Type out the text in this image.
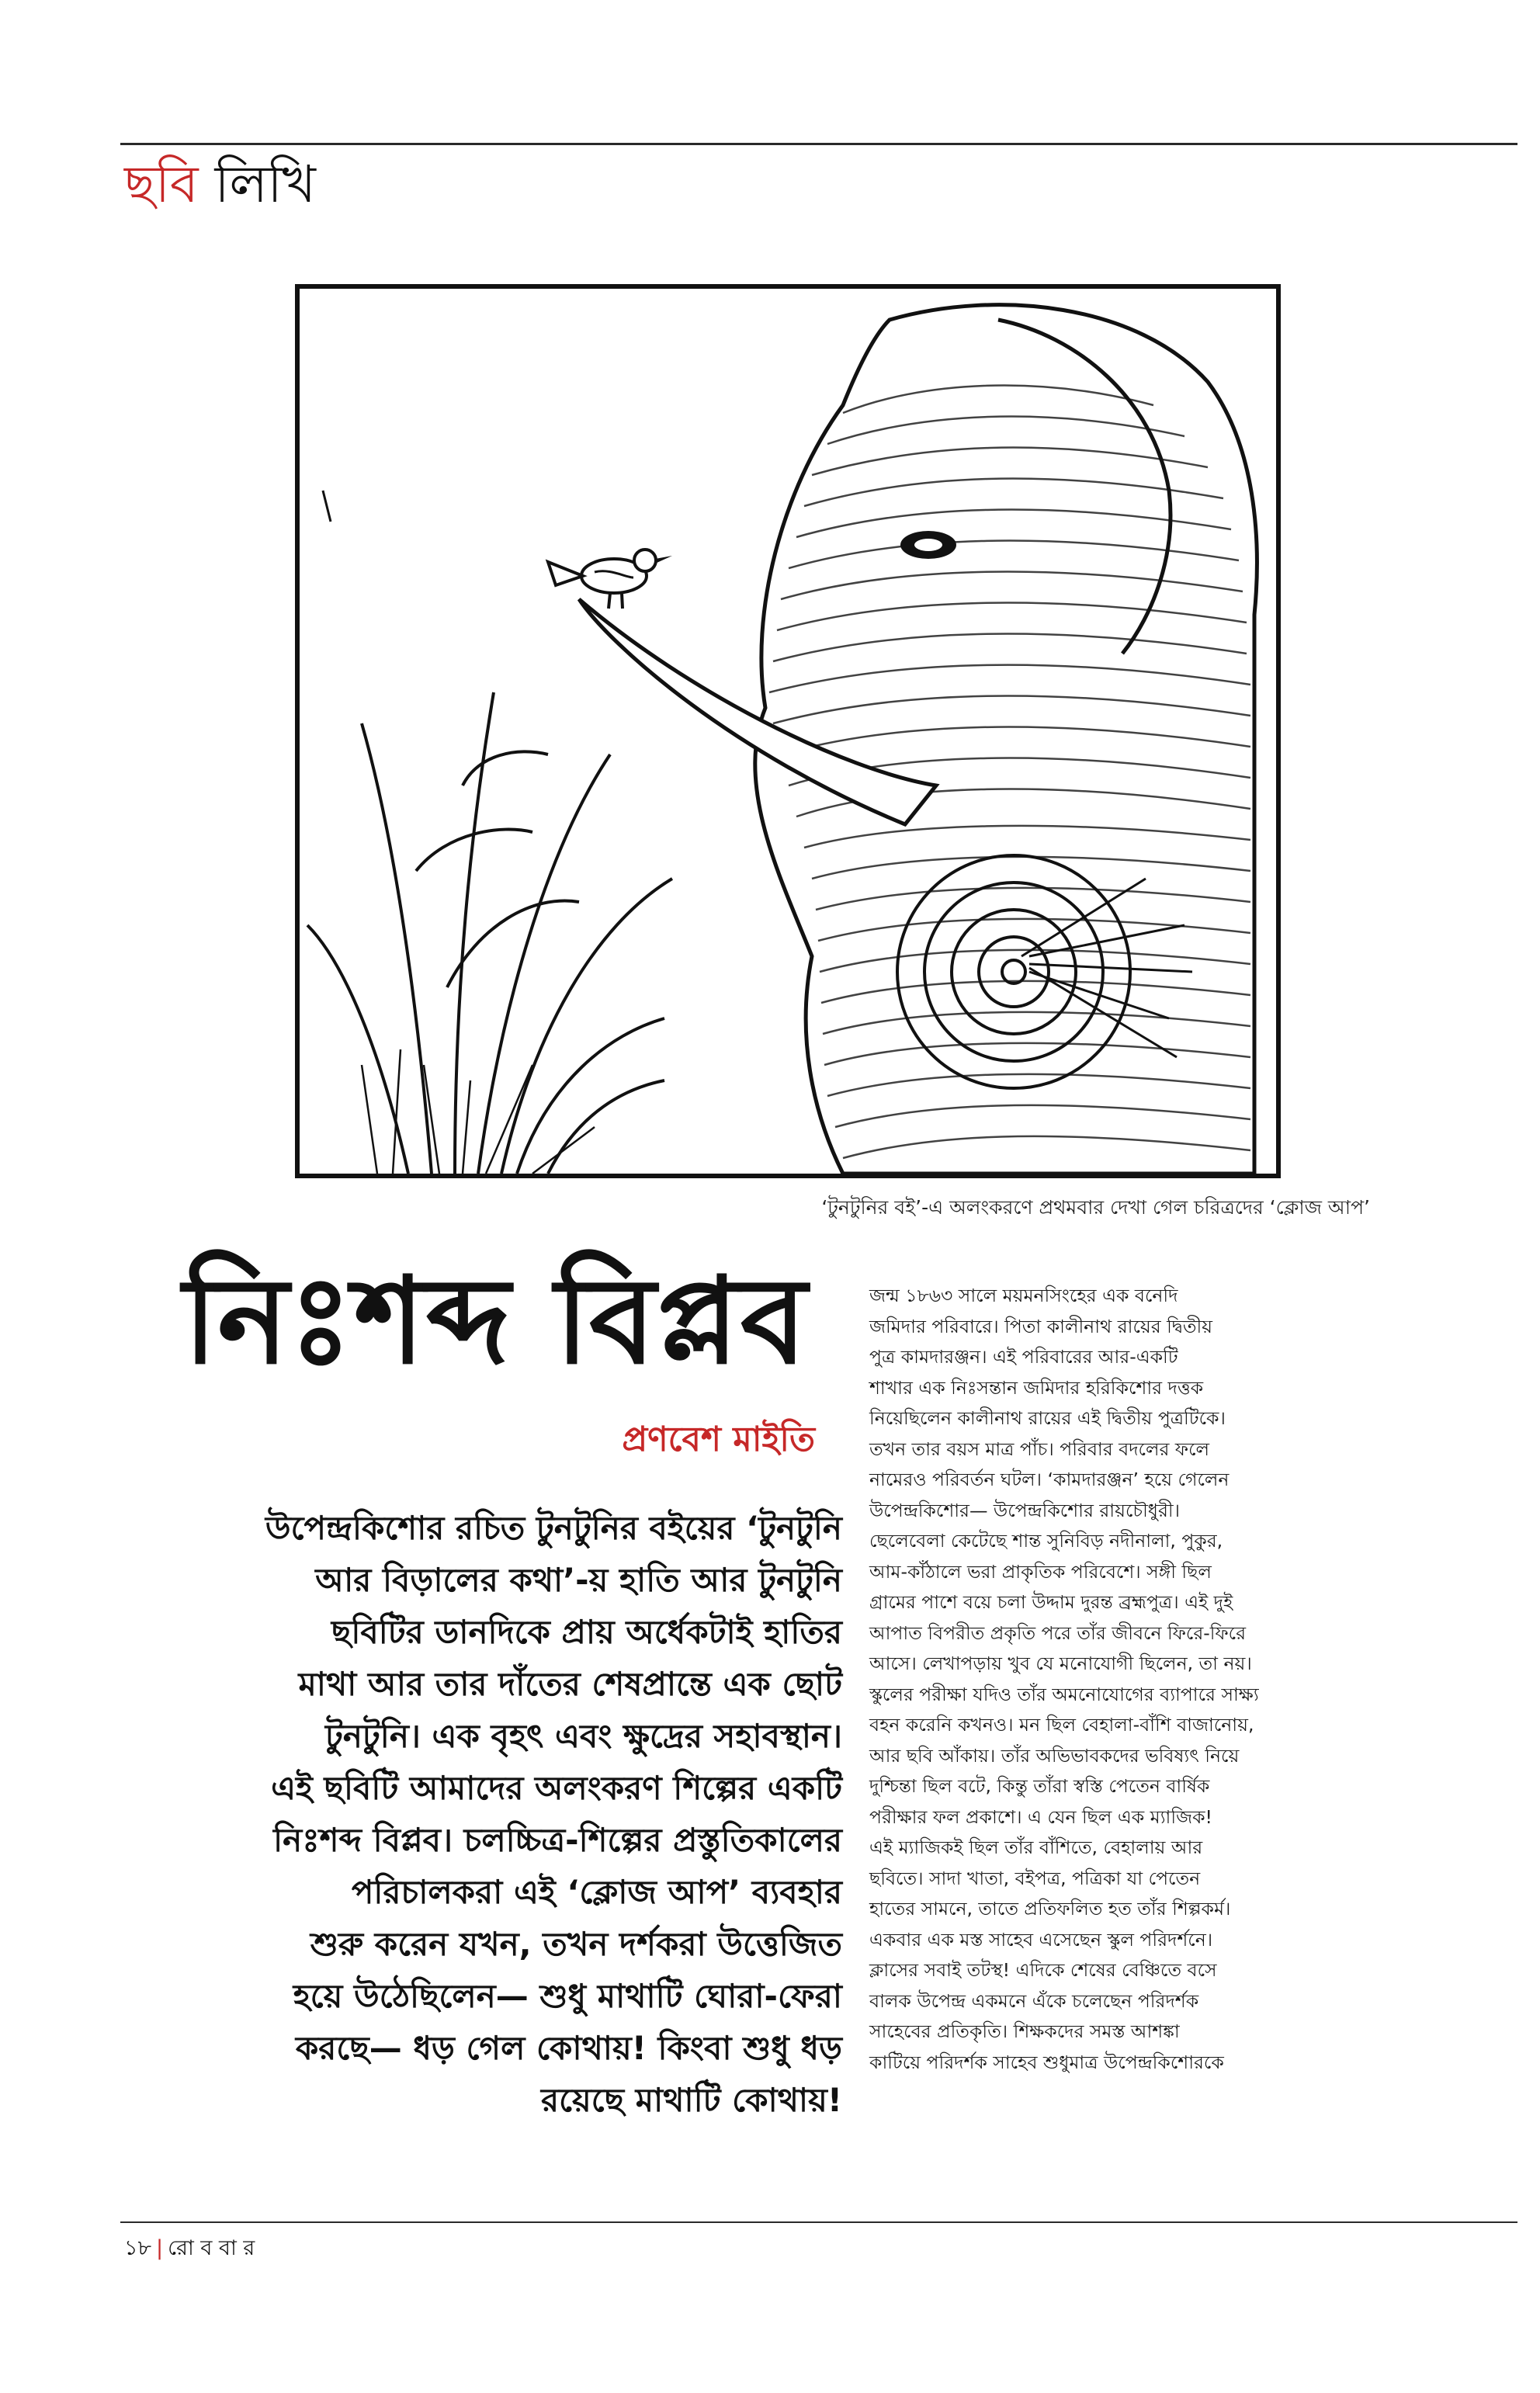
ছবি লিখি
‘টুনটুনির বই’-এ অলংকরণে প্রথমবার দেখা গেল চরিত্রদের ‘ক্লোজ আপ’
নিঃশব্দ বিপ্লব
প্রণবেশ মাইতি

উপেন্দ্রকিশোর রচিত টুনটুনির বইয়ের ‘টুনটুনি

আর বিড়ালের কথা’-য় হাতি আর টুনটুনি

ছবিটির ডানদিকে প্রায় অর্ধেকটাই হাতির

মাথা আর তার দাঁতের শেষপ্রান্তে এক ছোট

টুনটুনি। এক বৃহৎ এবং ক্ষুদ্রের সহাবস্থান।

এই ছবিটি আমাদের অলংকরণ শিল্পের একটি

নিঃশব্দ বিপ্লব। চলচ্চিত্র-শিল্পের প্রস্তুতিকালের

পরিচালকরা এই ‘ক্লোজ আপ’ ব্যবহার

শুরু করেন যখন, তখন দর্শকরা উত্তেজিত

হয়ে উঠেছিলেন— শুধু মাথাটি ঘোরা-ফেরা

করছে— ধড় গেল কোথায়! কিংবা শুধু ধড়

রয়েছে মাথাটি কোথায়!

জন্ম ১৮৬৩ সালে ময়মনসিংহের এক বনেদি

জমিদার পরিবারে। পিতা কালীনাথ রায়ের দ্বিতীয়

পুত্র কামদারঞ্জন। এই পরিবারের আর-একটি

শাখার এক নিঃসন্তান জমিদার হরিকিশোর দত্তক

নিয়েছিলেন কালীনাথ রায়ের এই দ্বিতীয় পুত্রটিকে।

তখন তার বয়স মাত্র পাঁচ। পরিবার বদলের ফলে

নামেরও পরিবর্তন ঘটল। ‘কামদারঞ্জন’ হয়ে গেলেন

উপেন্দ্রকিশোর— উপেন্দ্রকিশোর রায়চৌধুরী।

ছেলেবেলা কেটেছে শান্ত সুনিবিড় নদীনালা, পুকুর,

আম-কাঁঠালে ভরা প্রাকৃতিক পরিবেশে। সঙ্গী ছিল

গ্রামের পাশে বয়ে চলা উদ্দাম দুরন্ত ব্রহ্মপুত্র। এই দুই

আপাত বিপরীত প্রকৃতি পরে তাঁর জীবনে ফিরে-ফিরে

আসে। লেখাপড়ায় খুব যে মনোযোগী ছিলেন, তা নয়।

স্কুলের পরীক্ষা যদিও তাঁর অমনোযোগের ব্যাপারে সাক্ষ্য

বহন করেনি কখনও। মন ছিল বেহালা-বাঁশি বাজানোয়,

আর ছবি আঁকায়। তাঁর অভিভাবকদের ভবিষ্যৎ নিয়ে

দুশ্চিন্তা ছিল বটে, কিন্তু তাঁরা স্বস্তি পেতেন বার্ষিক

পরীক্ষার ফল প্রকাশে। এ যেন ছিল এক ম্যাজিক!

এই ম্যাজিকই ছিল তাঁর বাঁশিতে, বেহালায় আর

ছবিতে। সাদা খাতা, বইপত্র, পত্রিকা যা পেতেন

হাতের সামনে, তাতে প্রতিফলিত হত তাঁর শিল্পকর্ম।

একবার এক মস্ত সাহেব এসেছেন স্কুল পরিদর্শনে।

ক্লাসের সবাই তটস্থ! এদিকে শেষের বেঞ্চিতে বসে

বালক উপেন্দ্র একমনে এঁকে চলেছেন পরিদর্শক

সাহেবের প্রতিকৃতি। শিক্ষকদের সমস্ত আশঙ্কা

কাটিয়ে পরিদর্শক সাহেব শুধুমাত্র উপেন্দ্রকিশোরকে

১৮ | রো ব বা র
